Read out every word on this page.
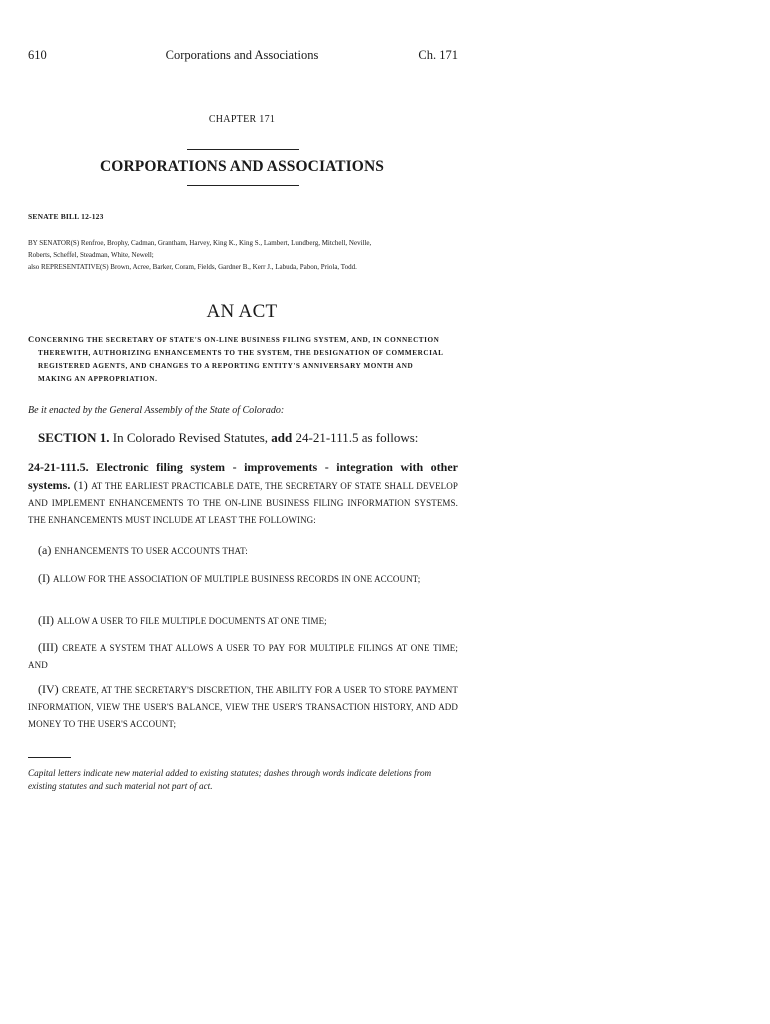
610	Corporations and Associations	Ch. 171
CHAPTER 171
CORPORATIONS AND ASSOCIATIONS
SENATE BILL 12-123
BY SENATOR(S) Renfroe, Brophy, Cadman, Grantham, Harvey, King K., King S., Lambert, Lundberg, Mitchell, Neville,
Roberts, Scheffel, Steadman, White, Newell;
also REPRESENTATIVE(S) Brown, Acree, Barker, Coram, Fields, Gardner B., Kerr J., Labuda, Pabon, Priola, Todd.
AN ACT
CONCERNING THE SECRETARY OF STATE'S ON-LINE BUSINESS FILING SYSTEM, AND, IN CONNECTION
THEREWITH, AUTHORIZING ENHANCEMENTS TO THE SYSTEM, THE DESIGNATION OF COMMERCIAL
REGISTERED AGENTS, AND CHANGES TO A REPORTING ENTITY'S ANNIVERSARY MONTH AND
MAKING AN APPROPRIATION.
Be it enacted by the General Assembly of the State of Colorado:
SECTION 1. In Colorado Revised Statutes, add 24-21-111.5 as follows:
24-21-111.5. Electronic filing system - improvements - integration with other systems. (1) AT THE EARLIEST PRACTICABLE DATE, THE SECRETARY OF STATE SHALL DEVELOP AND IMPLEMENT ENHANCEMENTS TO THE ON-LINE BUSINESS FILING INFORMATION SYSTEMS. THE ENHANCEMENTS MUST INCLUDE AT LEAST THE FOLLOWING:
(a) ENHANCEMENTS TO USER ACCOUNTS THAT:
(I) ALLOW FOR THE ASSOCIATION OF MULTIPLE BUSINESS RECORDS IN ONE ACCOUNT;
(II) ALLOW A USER TO FILE MULTIPLE DOCUMENTS AT ONE TIME;
(III) CREATE A SYSTEM THAT ALLOWS A USER TO PAY FOR MULTIPLE FILINGS AT ONE TIME; AND
(IV) CREATE, AT THE SECRETARY'S DISCRETION, THE ABILITY FOR A USER TO STORE PAYMENT INFORMATION, VIEW THE USER'S BALANCE, VIEW THE USER'S TRANSACTION HISTORY, AND ADD MONEY TO THE USER'S ACCOUNT;
Capital letters indicate new material added to existing statutes; dashes through words indicate deletions from existing statutes and such material not part of act.
